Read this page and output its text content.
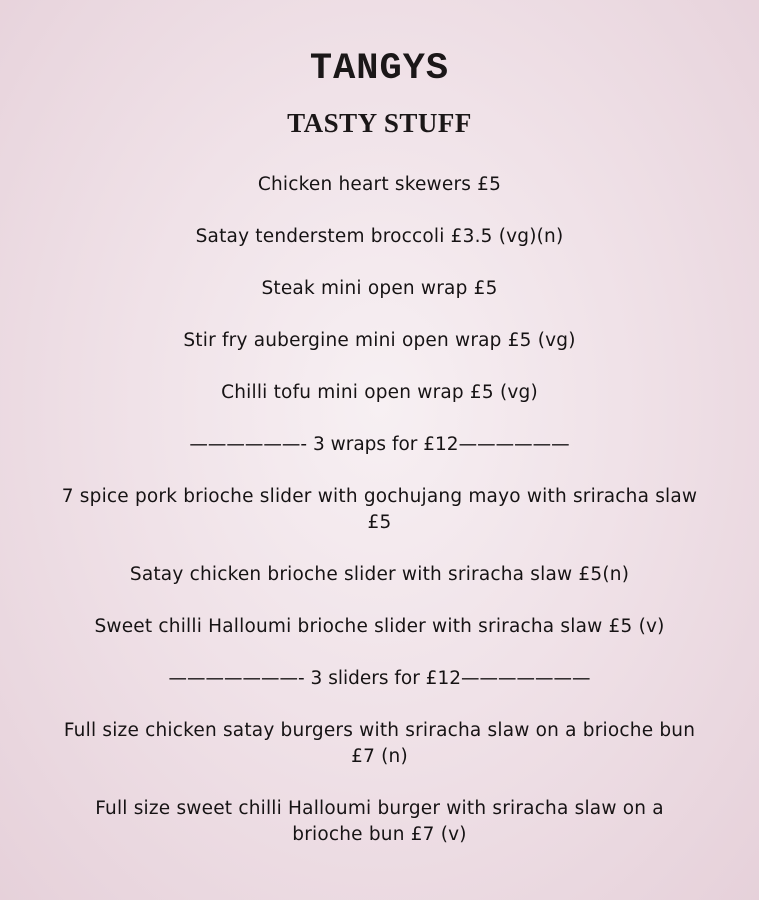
TANGYS
TASTY STUFF
Chicken heart skewers £5
Satay tenderstem broccoli £3.5 (vg)(n)
Steak mini open wrap £5
Stir fry aubergine mini open wrap £5 (vg)
Chilli tofu mini open wrap £5 (vg)
——————- 3 wraps for £12——————
7 spice pork brioche slider with gochujang mayo with sriracha slaw £5
Satay chicken brioche slider with sriracha slaw £5(n)
Sweet chilli Halloumi brioche slider with sriracha slaw £5 (v)
———————- 3 sliders for £12———————
Full size chicken satay burgers with sriracha slaw on a brioche bun £7 (n)
Full size sweet chilli Halloumi burger with sriracha slaw on a brioche bun £7 (v)
